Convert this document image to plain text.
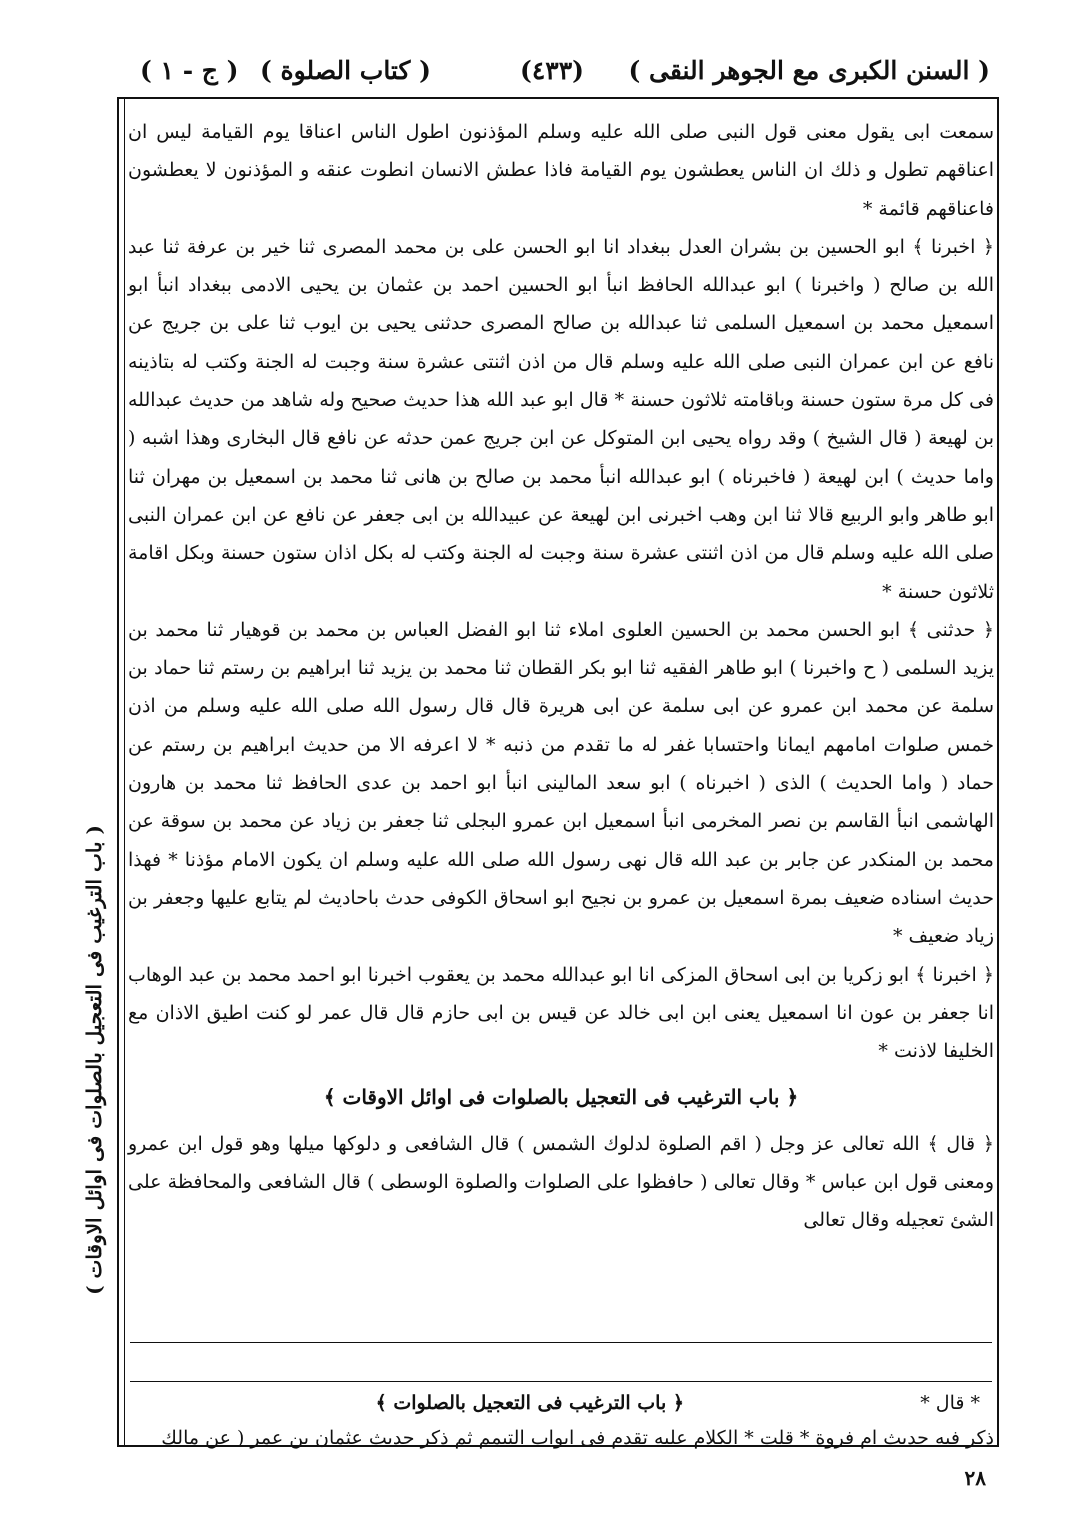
( السنن الكبرى مع الجوهر النقى )
(٤٣٣)
( كتاب الصلوة )
( ج - ١ )

سمعت ابى يقول معنى قول النبى صلى الله عليه وسلم المؤذنون اطول الناس اعناقا يوم القيامة ليس ان اعناقهم تطول و ذلك ان الناس يعطشون يوم القيامة فاذا عطش الانسان انطوت عنقه و المؤذنون لا يعطشون فاعناقهم قائمة *

﴿ اخبرنا ﴾ ابو الحسين بن بشران العدل ببغداد انا ابو الحسن على بن محمد المصرى ثنا خير بن عرفة ثنا عبد الله بن صالح ( واخبرنا ) ابو عبدالله الحافظ انبأ ابو الحسين احمد بن عثمان بن يحيى الادمى ببغداد انبأ ابو اسمعيل محمد بن اسمعيل السلمى ثنا عبدالله بن صالح المصرى حدثنى يحيى بن ايوب ثنا على بن جريج عن نافع عن ابن عمران النبى صلى الله عليه وسلم قال من اذن اثنتى عشرة سنة وجبت له الجنة وكتب له بتاذينه فى كل مرة ستون حسنة وباقامته ثلاثون حسنة * قال ابو عبد الله هذا حديث صحيح وله شاهد من حديث عبدالله بن لهيعة ( قال الشيخ ) وقد رواه يحيى ابن المتوكل عن ابن جريج عمن حدثه عن نافع قال البخارى وهذا اشبه ( واما حديث ) ابن لهيعة ( فاخبرناه ) ابو عبدالله انبأ محمد بن صالح بن هانى ثنا محمد بن اسمعيل بن مهران ثنا ابو طاهر وابو الربيع قالا ثنا ابن وهب اخبرنى ابن لهيعة عن عبيدالله بن ابى جعفر عن نافع عن ابن عمران النبى صلى الله عليه وسلم قال من اذن اثنتى عشرة سنة وجبت له الجنة وكتب له بكل اذان ستون حسنة وبكل اقامة ثلاثون حسنة *

﴿ حدثنى ﴾ ابو الحسن محمد بن الحسين العلوى املاء ثنا ابو الفضل العباس بن محمد بن قوهيار ثنا محمد بن يزيد السلمى ( ح واخبرنا ) ابو طاهر الفقيه ثنا ابو بكر القطان ثنا محمد بن يزيد ثنا ابراهيم بن رستم ثنا حماد بن سلمة عن محمد ابن عمرو عن ابى سلمة عن ابى هريرة قال قال رسول الله صلى الله عليه وسلم من اذن خمس صلوات امامهم ايمانا واحتسابا غفر له ما تقدم من ذنبه * لا اعرفه الا من حديث ابراهيم بن رستم عن حماد ( واما الحديث ) الذى ( اخبرناه ) ابو سعد المالينى انبأ ابو احمد بن عدى الحافظ ثنا محمد بن هارون الهاشمى انبأ القاسم بن نصر المخرمى انبأ اسمعيل ابن عمرو البجلى ثنا جعفر بن زياد عن محمد بن سوقة عن محمد بن المنكدر عن جابر بن عبد الله قال نهى رسول الله صلى الله عليه وسلم ان يكون الامام مؤذنا * فهذا حديث اسناده ضعيف بمرة اسمعيل بن عمرو بن نجيح ابو اسحاق الكوفى حدث باحاديث لم يتابع عليها وجعفر بن زياد ضعيف *

﴿ اخبرنا ﴾ ابو زكريا بن ابى اسحاق المزكى انا ابو عبدالله محمد بن يعقوب اخبرنا ابو احمد محمد بن عبد الوهاب انا جعفر بن عون انا اسمعيل يعنى ابن ابى خالد عن قيس بن ابى حازم قال قال عمر لو كنت اطيق الاذان مع الخليفا لاذنت *

﴿ باب الترغيب فى التعجيل بالصلوات فى اوائل الاوقات ﴾

﴿ قال ﴾ الله تعالى عز وجل ( اقم الصلوة لدلوك الشمس ) قال الشافعى و دلوكها ميلها وهو قول ابن عمرو ومعنى قول ابن عباس * وقال تعالى ( حافظوا على الصلوات والصلوة الوسطى ) قال الشافعى والمحافظة على الشئ تعجيله وقال تعالى

* قال *
﴿ باب الترغيب فى التعجيل بالصلوات ﴾
ذكر فيه حديث ام فروة * قلت * الكلام عليه تقدم فى ابواب التيمم ثم ذكر حديث عثمان بن عمر ( عن مالك
( باب الترغيب فى التعجيل بالصلوات فى اوائل الاوقات )
٢٨
